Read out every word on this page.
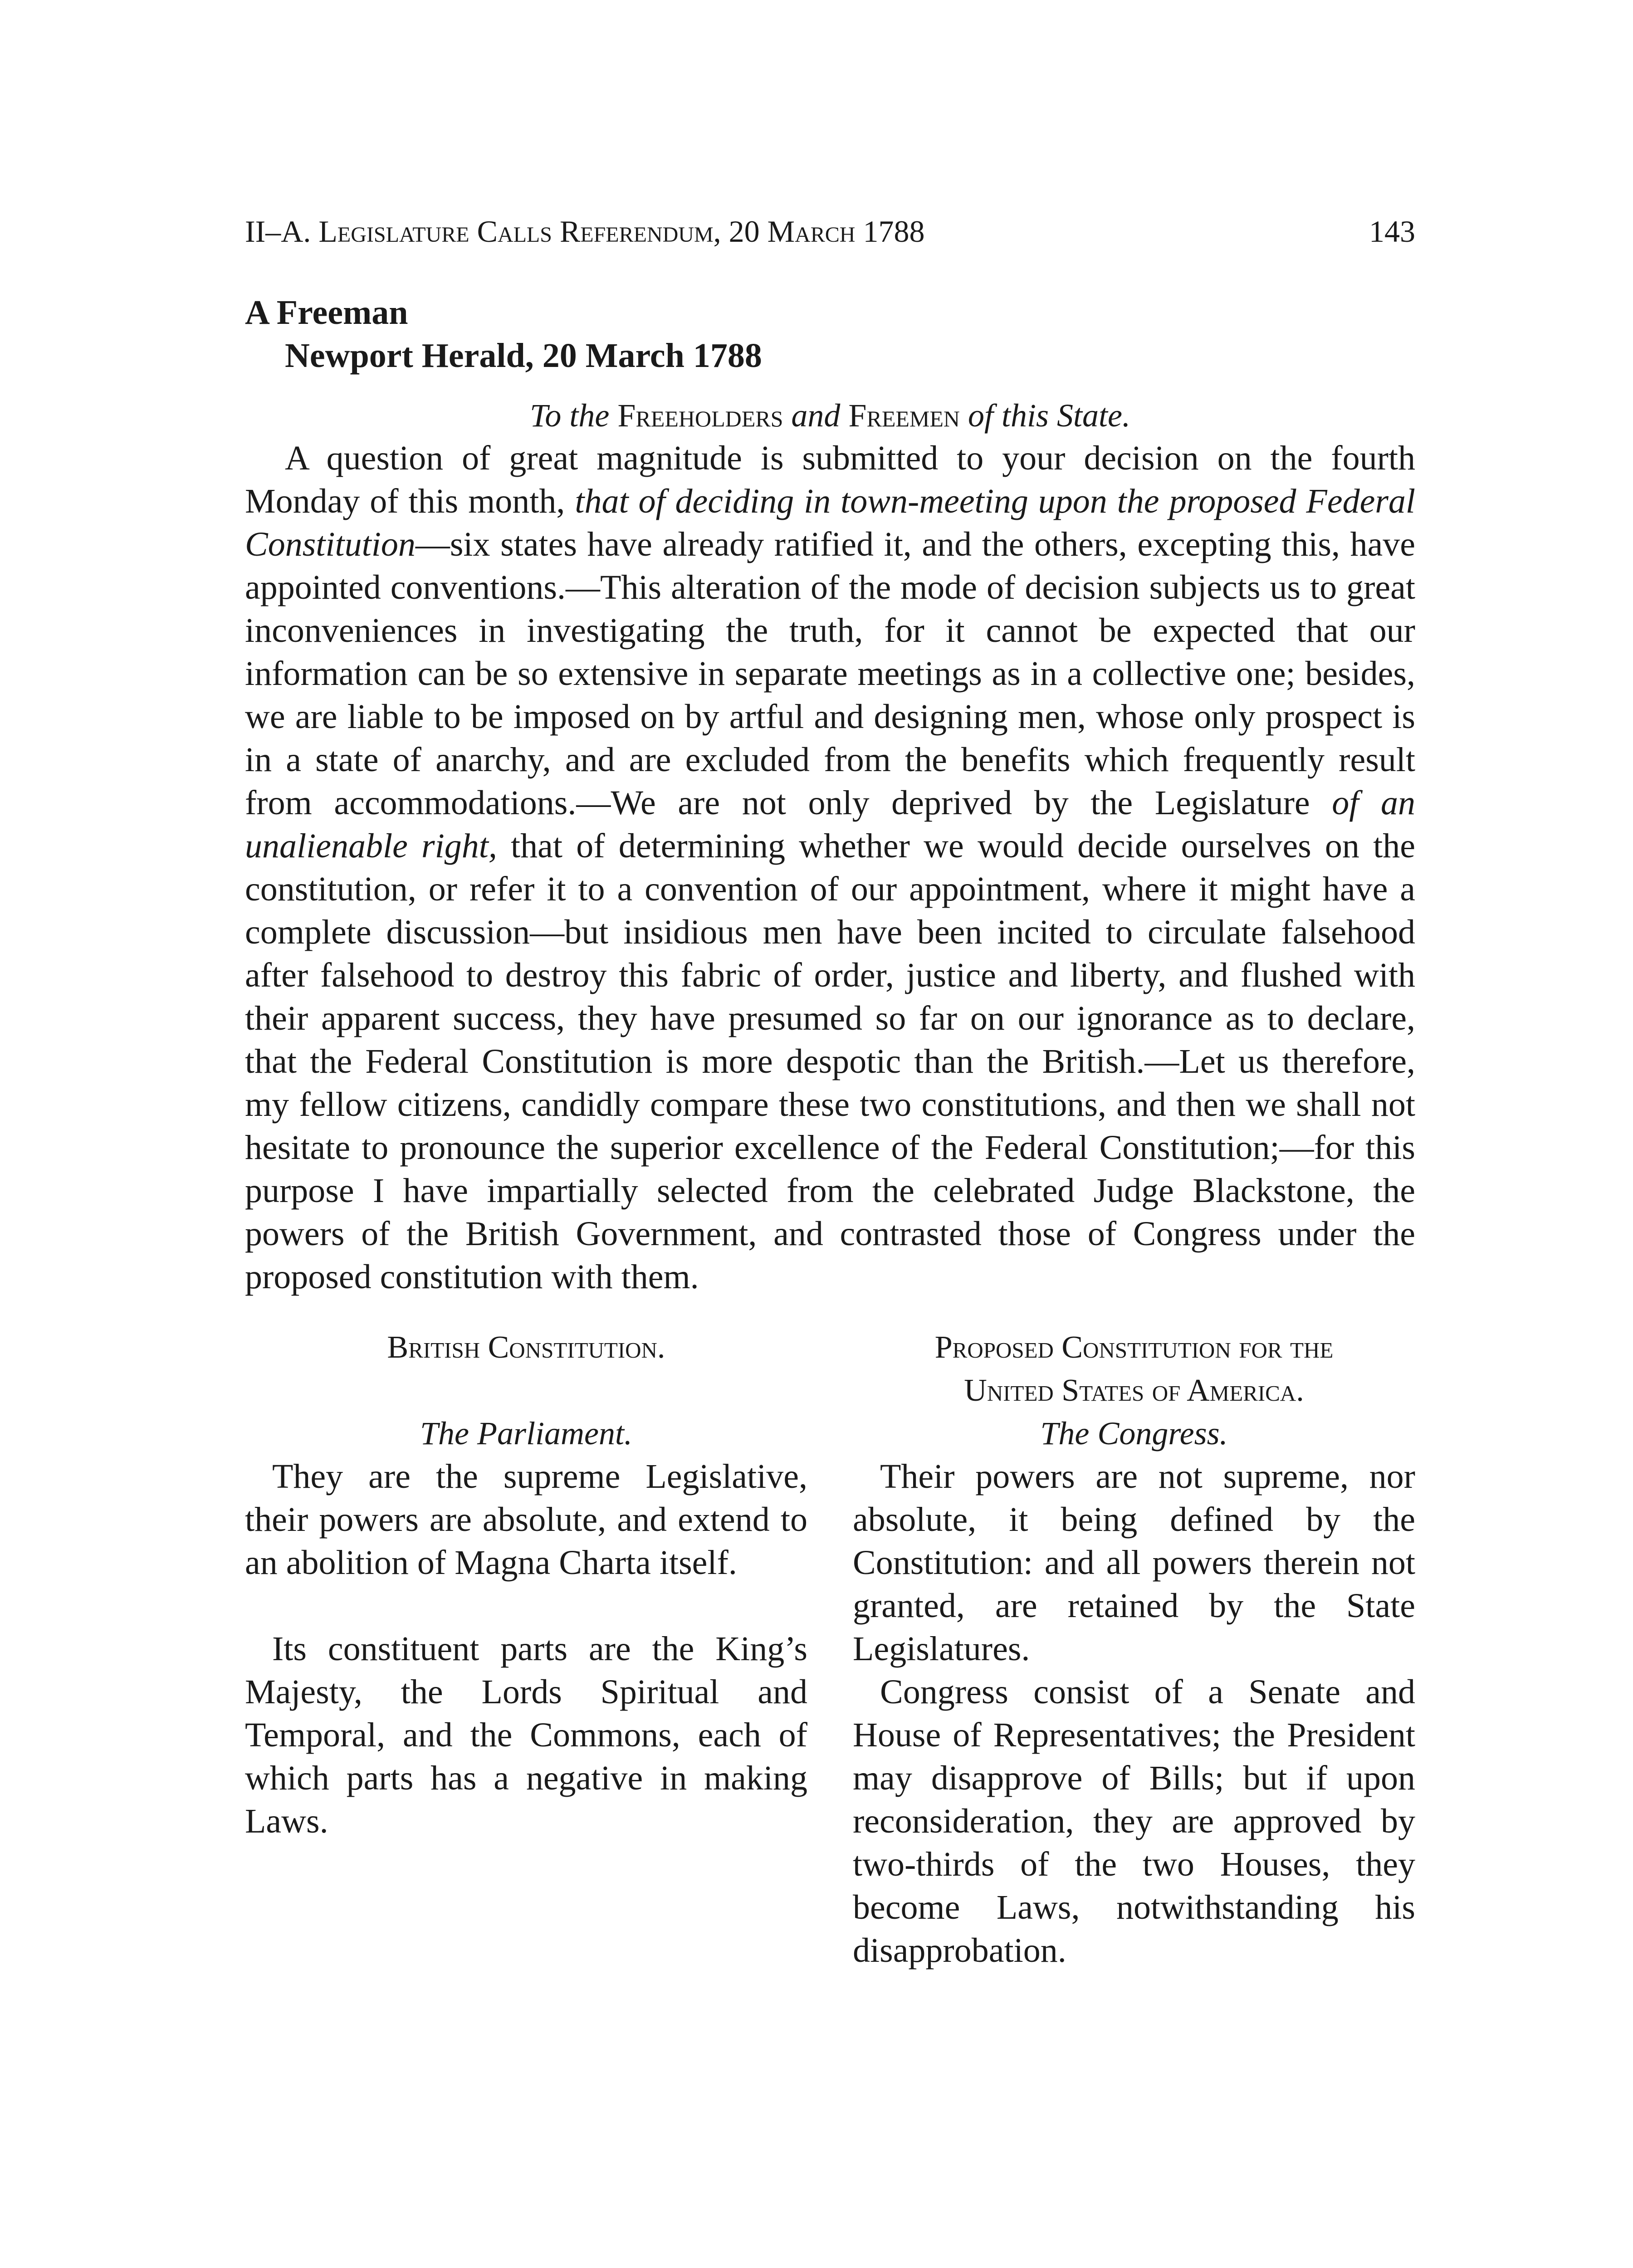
II–A. Legislature Calls Referendum, 20 March 1788	143
A Freeman
Newport Herald, 20 March 1788
To the Freeholders and Freemen of this State.

A question of great magnitude is submitted to your decision on the fourth Monday of this month, that of deciding in town-meeting upon the proposed Federal Constitution—six states have already ratified it, and the others, excepting this, have appointed conventions.—This alteration of the mode of decision subjects us to great inconveniences in investigating the truth, for it cannot be expected that our information can be so extensive in separate meetings as in a collective one; besides, we are liable to be imposed on by artful and designing men, whose only prospect is in a state of anarchy, and are excluded from the benefits which frequently result from accommodations.—We are not only deprived by the Legislature of an unalienable right, that of determining whether we would decide ourselves on the constitution, or refer it to a convention of our appointment, where it might have a complete discussion—but insidious men have been incited to circulate falsehood after falsehood to destroy this fabric of order, justice and liberty, and flushed with their apparent success, they have presumed so far on our ignorance as to declare, that the Federal Constitution is more despotic than the British.—Let us therefore, my fellow citizens, candidly compare these two constitutions, and then we shall not hesitate to pronounce the superior excellence of the Federal Constitution;—for this purpose I have impartially selected from the celebrated Judge Blackstone, the powers of the British Government, and contrasted those of Congress under the proposed constitution with them.

British Constitution.
The Parliament.

They are the supreme Legislative, their powers are absolute, and extend to an abolition of Magna Charta itself.

Its constituent parts are the King’s Majesty, the Lords Spiritual and Temporal, and the Commons, each of which parts has a negative in making Laws.

Proposed Constitution for the
United States of America.
The Congress.

Their powers are not supreme, nor absolute, it being defined by the Constitution: and all powers therein not granted, are retained by the State Legislatures.

Congress consist of a Senate and House of Representatives; the President may disapprove of Bills; but if upon reconsideration, they are approved by two-thirds of the two Houses, they become Laws, notwithstanding his disapprobation.
